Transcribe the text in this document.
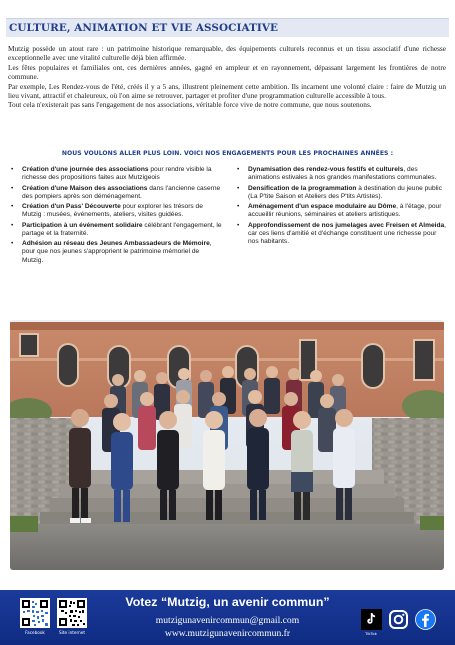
CULTURE, ANIMATION ET VIE ASSOCIATIVE

Mutzig possède un atout rare : un patrimoine historique remarquable, des équipements culturels reconnus et un tissu associatif d'une richesse exceptionnelle avec une vitalité culturelle déjà bien affirmée.

Les fêtes populaires et familiales ont, ces dernières années, gagné en ampleur et en rayonnement, dépassant largement les frontières de notre commune.

Par exemple, Les Rendez-vous de l'été, créés il y a 5 ans, illustrent pleinement cette ambition. Ils incarnent une volonté claire : faire de Mutzig un lieu vivant, attractif et chaleureux, où l'on aime se retrouver, partager et profiter d'une programmation culturelle accessible à tous.

Tout cela n'existerait pas sans l'engagement de nos associations, véritable force vive de notre commune, que nous soutenons.

NOUS VOULONS ALLER PLUS LOIN. VOICI NOS ENGAGEMENTS POUR LES PROCHAINES ANNÉES :
• Création d'une journée des associations pour rendre visible la richesse des propositions faites aux Mutzigeois
• Création d'une Maison des associations dans l'ancienne caserne des pompiers après son déménagement.
• Création d'un Pass' Découverte pour explorer les trésors de Mutzig : musées, événements, ateliers, visites guidées.
• Participation à un événement solidaire célébrant l'engagement, le partage et la fraternité.
• Adhésion au réseau des Jeunes Ambassadeurs de Mémoire, pour que nos jeunes s'approprient le patrimoine mémoriel de Mutzig.
• Dynamisation des rendez-vous festifs et culturels, des animations estivales à nos grandes manifestations communales.
• Densification de la programmation à destination du jeune public (La P'tite Saison et Ateliers des P'tits Artistes).
• Aménagement d'un espace modulaire au Dôme, à l'étage, pour accueillir réunions, séminaires et ateliers artistiques.
• Approfondissement de nos jumelages avec Freisen et Almeida, car ces liens d'amitié et d'échange constituent une richesse pour nos habitants.
Facebook	Site internet
Votez “Mutzig, un avenir commun”
mutzigunavenircommun@gmail.com
www.mutzigunavenircommun.fr	TikTok
